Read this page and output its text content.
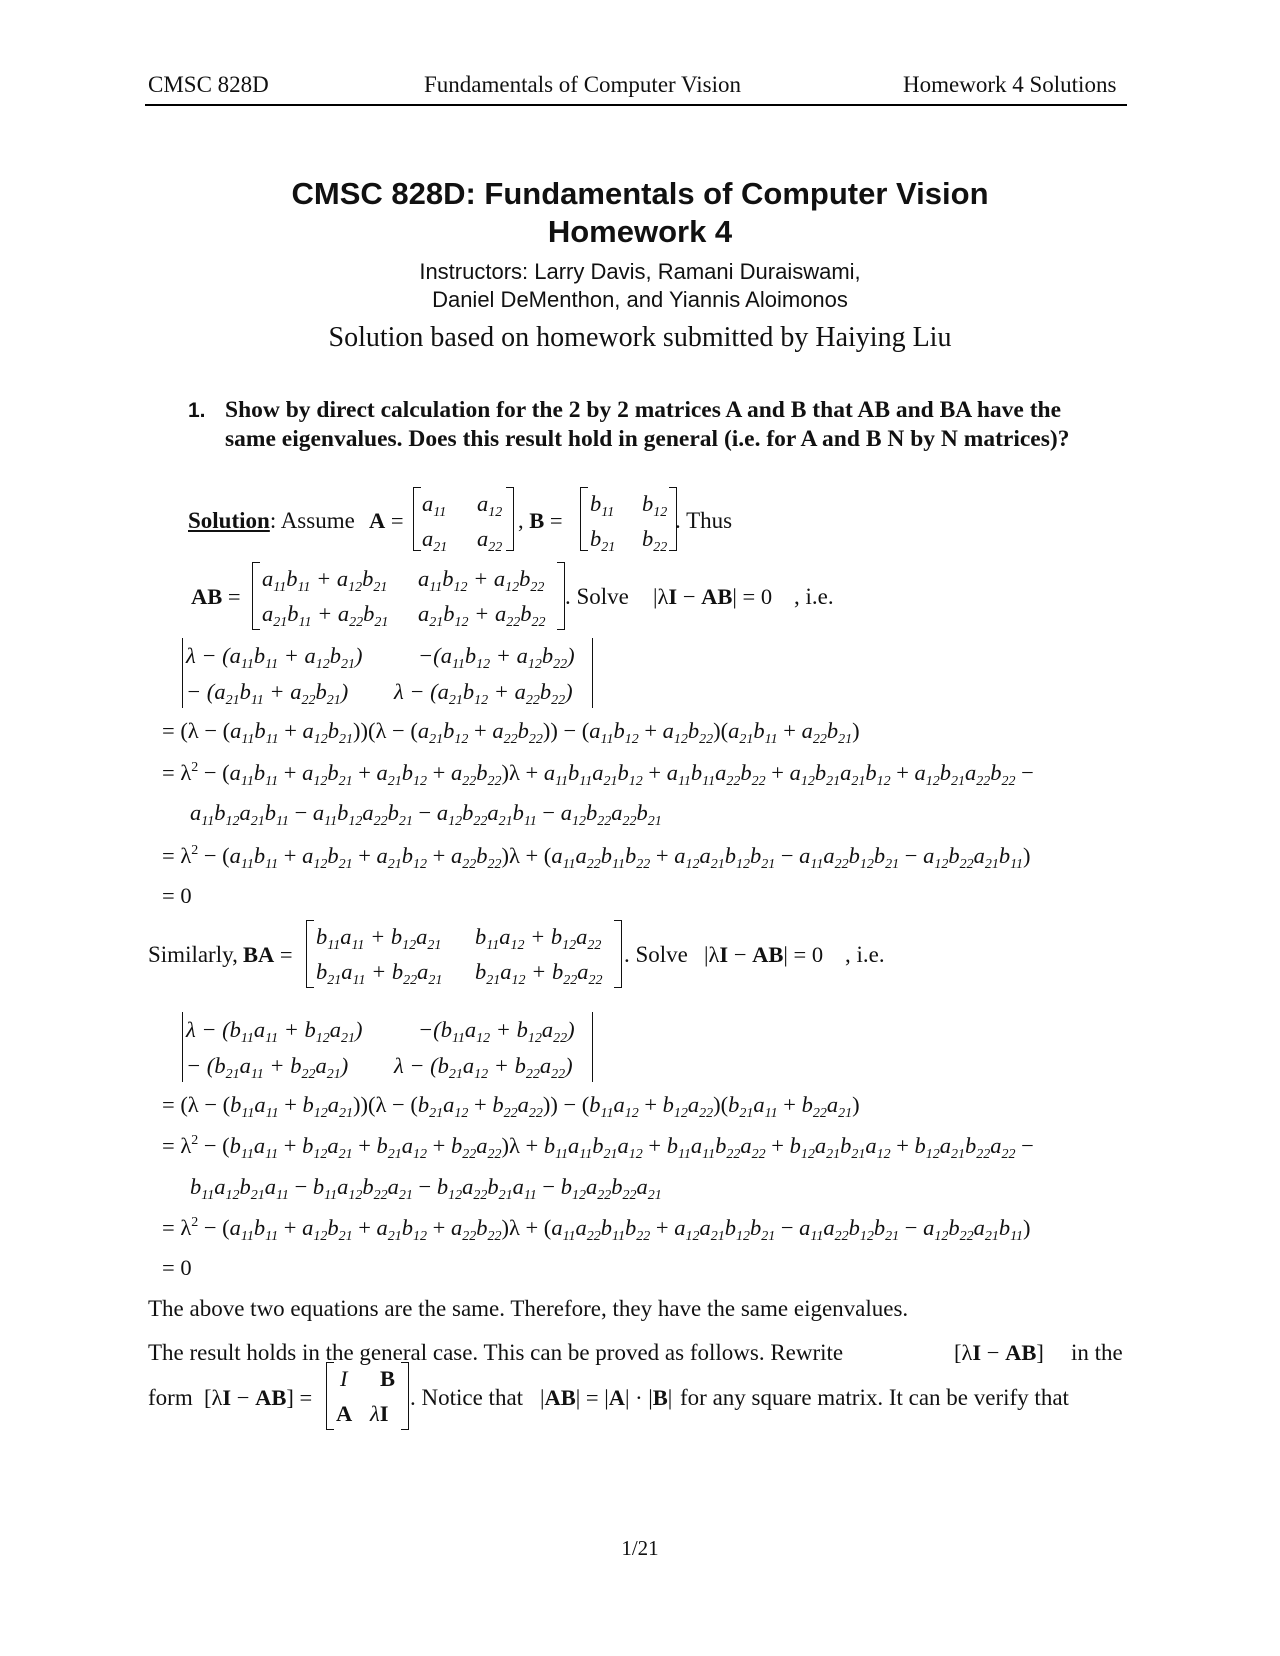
CMSC 828D	Fundamentals of Computer Vision	Homework 4 Solutions
CMSC 828D: Fundamentals of Computer Vision
Homework 4
Instructors: Larry Davis, Ramani Duraiswami,
Daniel DeMenthon, and Yiannis Aloimonos
Solution based on homework submitted by Haiying Liu
1. Show by direct calculation for the 2 by 2 matrices A and B that AB and BA have the same eigenvalues. Does this result hold in general (i.e. for A and B N by N matrices)?
Solution: Assume A =
$a_{11}$ $a_{12}$
$a_{21}$ $a_{22}$
, B =
$b_{11}$ $b_{12}$
$b_{21}$ $b_{22}$
. Thus
AB =
$a_{11}b_{11} + a_{12}b_{21}$ $a_{11}b_{12} + a_{12}b_{22}$
$a_{21}b_{11} + a_{22}b_{21}$ $a_{21}b_{12} + a_{22}b_{22}$
. Solve |λI − AB| = 0 , i.e.
$\lambda - (a_{11}b_{11} + a_{12}b_{21}) -(a_{11}b_{12} + a_{12}b_{22})$
− $(a_{21}b_{11} + a_{22}b_{21}) \lambda - (a_{21}b_{12} + a_{22}b_{22})$
= $(\lambda - (a_{11}b_{11} + a_{12}b_{21}))(\lambda - (a_{21}b_{12} + a_{22}b_{22})) - (a_{11}b_{12} + a_{12}b_{22})(a_{21}b_{11} + a_{22}b_{21})$
= $\lambda^2 - (a_{11}b_{11} + a_{12}b_{21} + a_{21}b_{12} + a_{22}b_{22})\lambda + a_{11}b_{11}a_{21}b_{12} + a_{11}b_{11}a_{22}b_{22} + a_{12}b_{21}a_{21}b_{12} + a_{12}b_{21}a_{22}b_{22}$ −
$a_{11}b_{12}a_{21}b_{11} - a_{11}b_{12}a_{22}b_{21} - a_{12}b_{22}a_{21}b_{11} - a_{12}b_{22}a_{22}b_{21}$
= $\lambda^2 - (a_{11}b_{11} + a_{12}b_{21} + a_{21}b_{12} + a_{22}b_{22})\lambda + (a_{11}a_{22}b_{11}b_{22} + a_{12}a_{21}b_{12}b_{21} - a_{11}a_{22}b_{12}b_{21} - a_{12}b_{22}a_{21}b_{11})$
= 0
Similarly, BA =
$b_{11}a_{11} + b_{12}a_{21}$ $b_{11}a_{12} + b_{12}a_{22}$
$b_{21}a_{11} + b_{22}a_{21}$ $b_{21}a_{12} + b_{22}a_{22}$
. Solve |λI − AB| = 0 , i.e.
$\lambda - (b_{11}a_{11} + b_{12}a_{21}) -(b_{11}a_{12} + b_{12}a_{22})$
− $(b_{21}a_{11} + b_{22}a_{21}) \lambda - (b_{21}a_{12} + b_{22}a_{22})$
= $(\lambda - (b_{11}a_{11} + b_{12}a_{21}))(\lambda - (b_{21}a_{12} + b_{22}a_{22})) - (b_{11}a_{12} + b_{12}a_{22})(b_{21}a_{11} + b_{22}a_{21})$
= $\lambda^2 - (b_{11}a_{11} + b_{12}a_{21} + b_{21}a_{12} + b_{22}a_{22})\lambda + b_{11}a_{11}b_{21}a_{12} + b_{11}a_{11}b_{22}a_{22} + b_{12}a_{21}b_{21}a_{12} + b_{12}a_{21}b_{22}a_{22}$ −
$b_{11}a_{12}b_{21}a_{11} - b_{11}a_{12}b_{22}a_{21} - b_{12}a_{22}b_{21}a_{11} - b_{12}a_{22}b_{22}a_{21}$
= $\lambda^2 - (a_{11}b_{11} + a_{12}b_{21} + a_{21}b_{12} + a_{22}b_{22})\lambda + (a_{11}a_{22}b_{11}b_{22} + a_{12}a_{21}b_{12}b_{21} - a_{11}a_{22}b_{12}b_{21} - a_{12}b_{22}a_{21}b_{11})$
= 0
The above two equations are the same. Therefore, they have the same eigenvalues.
The result holds in the general case. This can be proved as follows. Rewrite	[λI − AB] in the
form [λI − AB] =
I B
A λI
. Notice that |AB| = |A| · |B| for any square matrix. It can be verify that
1/21
